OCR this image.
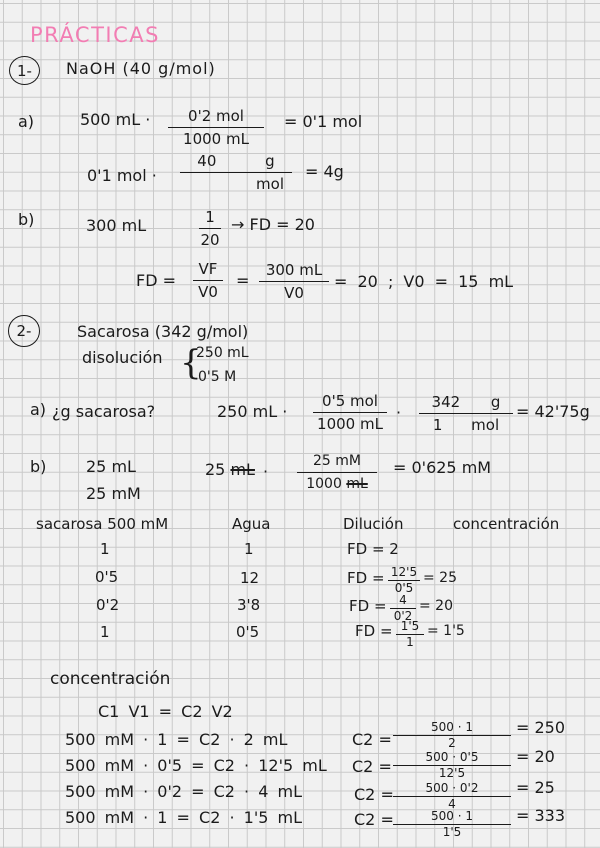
PRÁCTICAS
1-	NaOH (40 g/mol)
a)	500 mL ·	0'2 mol
1000 mL
= 0'1 mol
0'1 mol ·
40 g
mol
= 4g
b)	300 mL	$\frac{1}{20}$ → FD = 20
FD = $\frac{VF}{V0} = \frac{300 mL}{V0} = 20$ ; V0 = 15 mL
2-	Sacarosa (342 g/mol)
disolución {
250 mL
0'5 M
a) ¿g sacarosa?	250 mL ·
0'5 mol
1000 mL
·
342 g
1 mol
= 42'75g
b) 25 mL
25 mM
25 mL · $\frac{25 mM}{1000 mL} = 0'625$ mM
sacarosa 500 mM	Agua	Dilución	concentración
1	1	FD = 2
0'5	12	FD = $\frac{12'5}{0'5} = 25$
0'2	3'8	FD = $\frac{4}{0'2} = 20$
1	0'5	FD = $\frac{1'5}{1} = 1'5$
concentración
C1 V1 = C2 V2
500 mM · 1 = C2 · 2 mL	$C2 = \frac{500 \cdot 1}{2} = 250$
500 mM · 0'5 = C2 · 12'5 mL $C2 = \frac{500 \cdot 0'5}{12'5} = 20$
500 mM · 0'2 = C2 · 4 mL	$C2 = \frac{500 \cdot 0'2}{4} = 25$
500 mM · 1 = C2 · 1'5 mL	$C2 = \frac{500 \cdot 1}{1'5} = 333$
